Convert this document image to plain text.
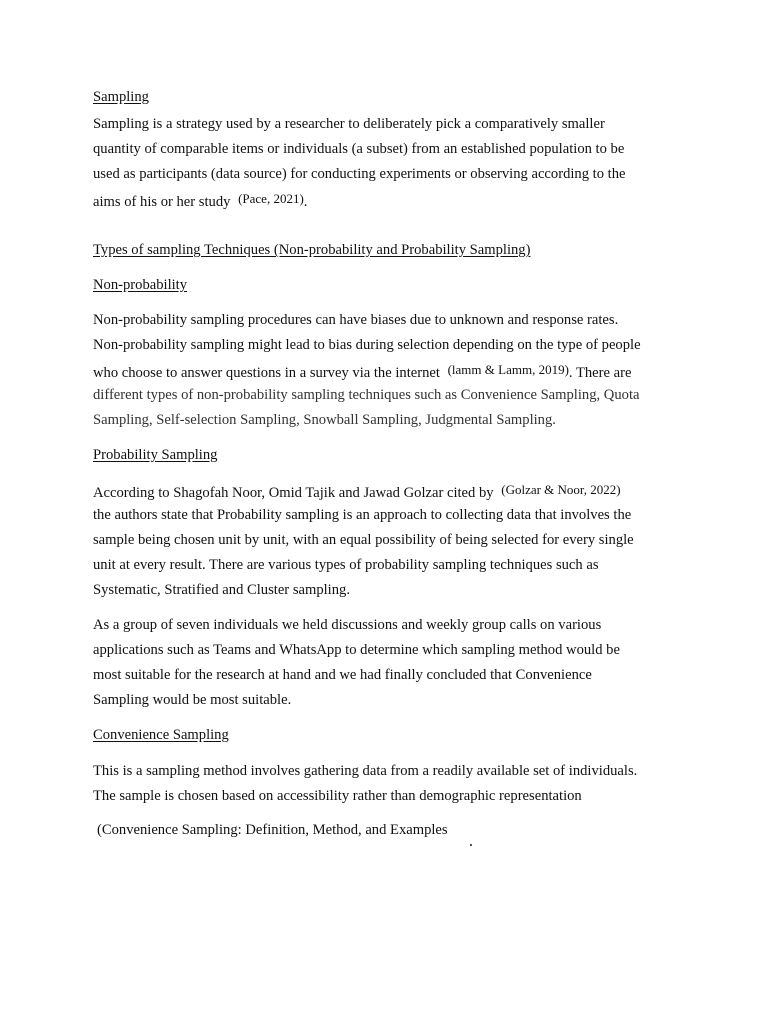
Sampling
Sampling is a strategy used by a researcher to deliberately pick a comparatively smaller
quantity of comparable items or individuals (a subset) from an established population to be
used as participants (data source) for conducting experiments or observing according to the
aims of his or her study (Pace, 2021).
Types of sampling Techniques (Non-probability and Probability Sampling)
Non-probability
Non-probability sampling procedures can have biases due to unknown and response rates.
Non-probability sampling might lead to bias during selection depending on the type of people
who choose to answer questions in a survey via the internet (lamm & Lamm, 2019). There are
different types of non-probability sampling techniques such as Convenience Sampling, Quota
Sampling, Self-selection Sampling, Snowball Sampling, Judgmental Sampling.
Probability Sampling
According to Shagofah Noor, Omid Tajik and Jawad Golzar cited by (Golzar & Noor, 2022)
the authors state that Probability sampling is an approach to collecting data that involves the
sample being chosen unit by unit, with an equal possibility of being selected for every single
unit at every result. There are various types of probability sampling techniques such as
Systematic, Stratified and Cluster sampling.
As a group of seven individuals we held discussions and weekly group calls on various
applications such as Teams and WhatsApp to determine which sampling method would be
most suitable for the research at hand and we had finally concluded that Convenience
Sampling would be most suitable.
Convenience Sampling
This is a sampling method involves gathering data from a readily available set of individuals.
The sample is chosen based on accessibility rather than demographic representation
(Convenience Sampling: Definition, Method, and Examples
